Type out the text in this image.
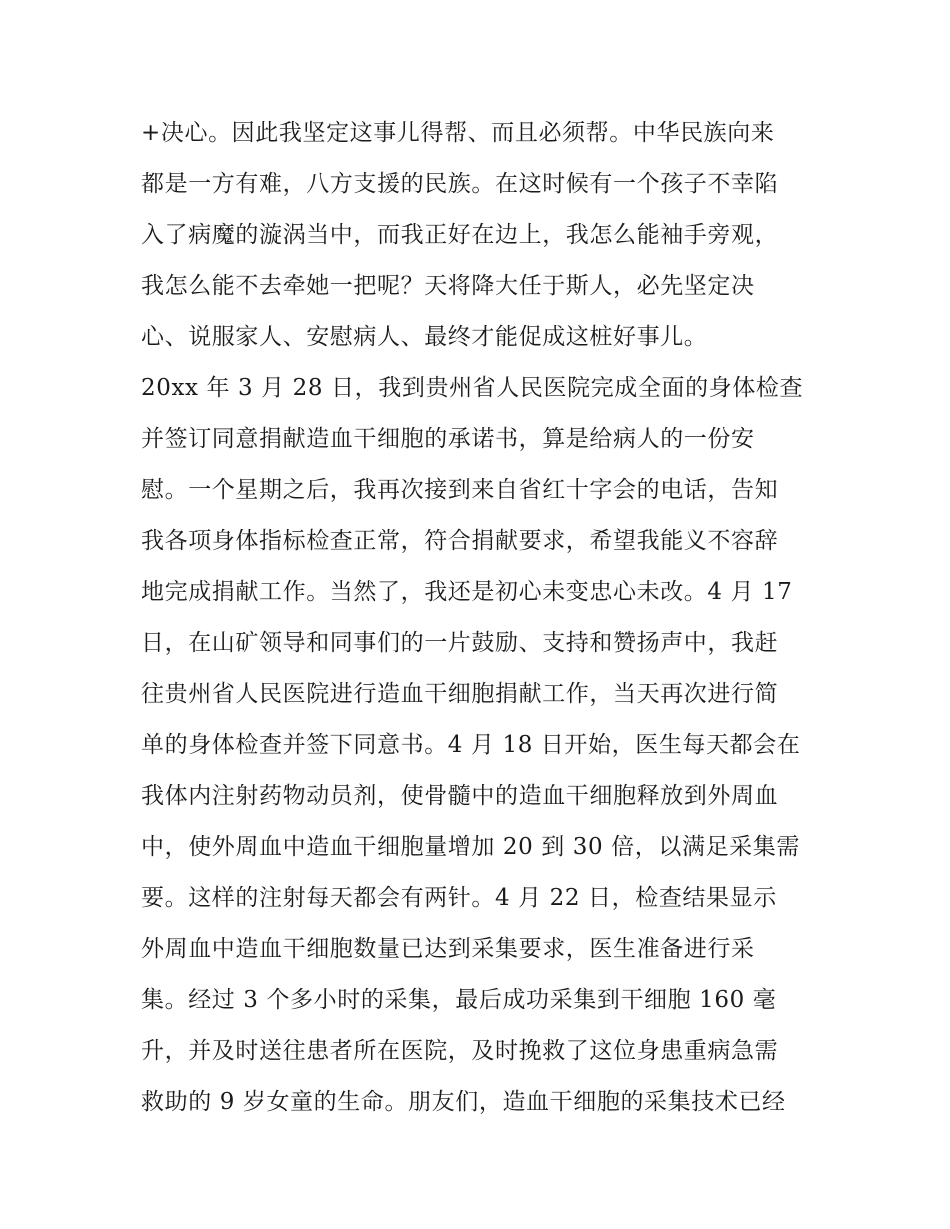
+决心。因此我坚定这事儿得帮、而且必须帮。中华民族向来
都是一方有难，八方支援的民族。在这时候有一个孩子不幸陷
入了病魔的漩涡当中，而我正好在边上，我怎么能袖手旁观，
我怎么能不去牵她一把呢？天将降大任于斯人，必先坚定决
心、说服家人、安慰病人、最终才能促成这桩好事儿。
20xx 年 3 月 28 日，我到贵州省人民医院完成全面的身体检查
并签订同意捐献造血干细胞的承诺书，算是给病人的一份安
慰。一个星期之后，我再次接到来自省红十字会的电话，告知
我各项身体指标检查正常，符合捐献要求，希望我能义不容辞
地完成捐献工作。当然了，我还是初心未变忠心未改。4 月 17
日，在山矿领导和同事们的一片鼓励、支持和赞扬声中，我赶
往贵州省人民医院进行造血干细胞捐献工作，当天再次进行简
单的身体检查并签下同意书。4 月 18 日开始，医生每天都会在
我体内注射药物动员剂，使骨髓中的造血干细胞释放到外周血
中，使外周血中造血干细胞量增加 20 到 30 倍，以满足采集需
要。这样的注射每天都会有两针。4 月 22 日，检查结果显示
外周血中造血干细胞数量已达到采集要求，医生准备进行采
集。经过 3 个多小时的采集，最后成功采集到干细胞 160 毫
升，并及时送往患者所在医院，及时挽救了这位身患重病急需
救助的 9 岁女童的生命。朋友们，造血干细胞的采集技术已经
